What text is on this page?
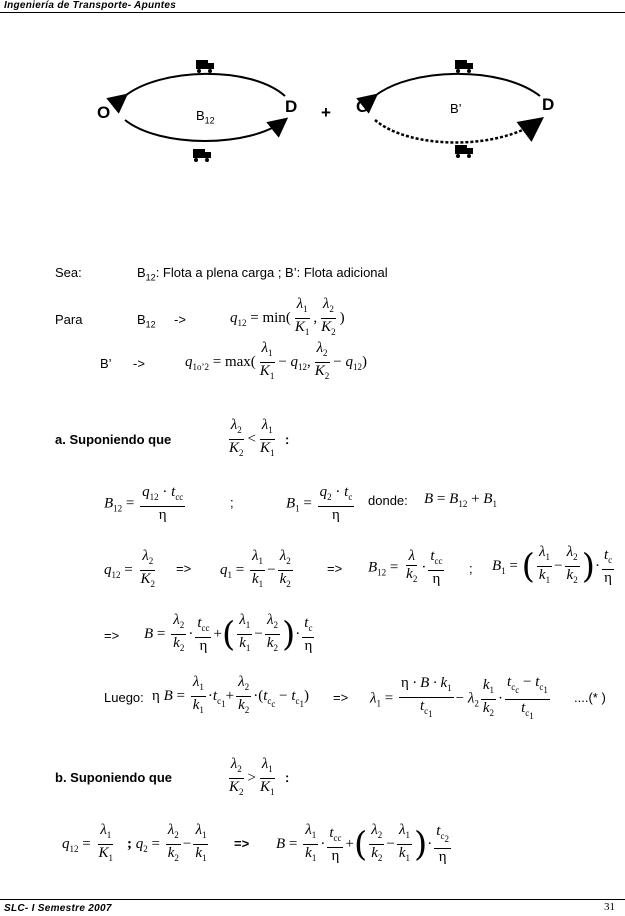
Ingeniería de Transporte- Apuntes
O	D
$B_{12}$	+ O	D
B’
Sea:	$B_{12}$: Flota a plena carga ; B’: Flota adicional
Para	$B_{12}$ ->	$q_{12} = \min( \frac{\lambda_1}{K_1}$ , $\frac{\lambda_2}{K_2}$ )
B’ ->	$q_{1o’2} = \max( \frac{\lambda_1}{K_1} - q_{12}$, $\frac{\lambda_2}{K_2} - q_{12}$)
a. Suponiendo que	$\frac{\lambda_2}{K_2} < \frac{\lambda_1}{K_1}$ :
$B_{12} = \frac{q_{12} \cdot t_{cc}}{\eta}$	;	$B_1 = \frac{q_2 \cdot t_c}{\eta}$ donde: $B = B_{12} + B_1$
$q_{12} = \frac{\lambda_2}{K_2} => q_1 = \frac{\lambda_1}{k_1} - \frac{\lambda_2}{k_2}$	=> $B_{12} = \frac{\lambda}{k_2} \cdot \frac{t_{cc}}{\eta}$ ; $B_1$ = ( $\frac{\lambda_1}{k_1} - \frac{\lambda_2}{k_2}$ )· $\frac{t_c}{\eta}$
=> $B = \frac{\lambda_2}{k_2} \cdot \frac{t_{cc}}{\eta}$ +( $\frac{\lambda_1}{k_1} - \frac{\lambda_2}{k_2}$ )· $\frac{t_c}{\eta}$
Luego: η $B = \frac{\lambda_1}{k_1} \cdot t_{c_1}+ \frac{\lambda_2}{k_2} \cdot(t_{c_c} - t_{c_1}) => \lambda_1 = \frac{\eta \cdot B \cdot k_1}{t_{c_1}} - \lambda_2 \frac{k_1}{k_2} \cdot \frac{t_{c_c} - t_{c_1}}{t_{c_1}}$ ....(* )
b. Suponiendo que	$\frac{\lambda_2}{K_2} > \frac{\lambda_1}{K_1}$ :
$q_{12} = \frac{\lambda_1}{K_1}$ ; $q_2 = \frac{\lambda_2}{k_2} - \frac{\lambda_1}{k_1} => B = \frac{\lambda_1}{k_1} \cdot \frac{t_{cc}}{\eta}$ +( $\frac{\lambda_2}{k_2} - \frac{\lambda_1}{k_1}$ )· $\frac{t_{c_2}}{\eta}$
SLC- I Semestre 2007	31
